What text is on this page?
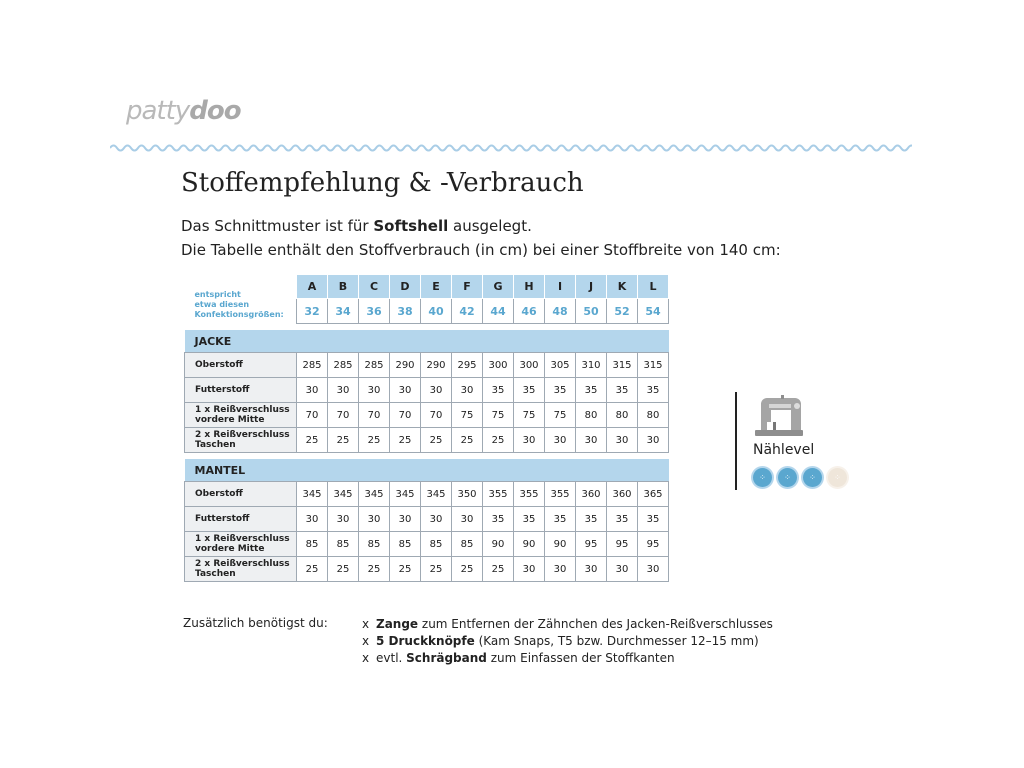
pattydoo
Stoffempfehlung & -Verbrauch
Das Schnittmuster ist für Softshell ausgelegt.
Die Tabelle enthält den Stoffverbrauch (in cm) bei einer Stoffbreite von 140 cm:
entspricht
etwa diesen
Konfektionsgrößen:	A	B	C	D	E	F	G	H	I	J	K	L
	32	34	36	38	40	42	44	46	48	50	52	54

JACKE												

Oberstoff	285	285	285	290	290	295	300	300	305	310	315	315

Futterstoff	30	30	30	30	30	30	35	35	35	35	35	35

1 x Reißverschluss
vordere Mitte	70	70	70	70	70	75	75	75	75	80	80	80

2 x Reißverschluss
Taschen	25	25	25	25	25	25	25	30	30	30	30	30

MANTEL												

Oberstoff	345	345	345	345	345	350	355	355	355	360	360	365

Futterstoff	30	30	30	30	30	30	35	35	35	35	35	35

1 x Reißverschluss
vordere Mitte	85	85	85	85	85	85	90	90	90	95	95	95

2 x Reißverschluss
Taschen	25	25	25	25	25	25	25	30	30	30	30	30
Nählevel
⁘ ⁘ ⁘ ⁘
Zusätzlich benötigst du:	x Zange zum Entfernen der Zähnchen des Jacken-Reißverschlusses
x 5 Druckknöpfe (Kam Snaps, T5 bzw. Durchmesser 12–15 mm)
x evtl. Schrägband zum Einfassen der Stoffkanten
